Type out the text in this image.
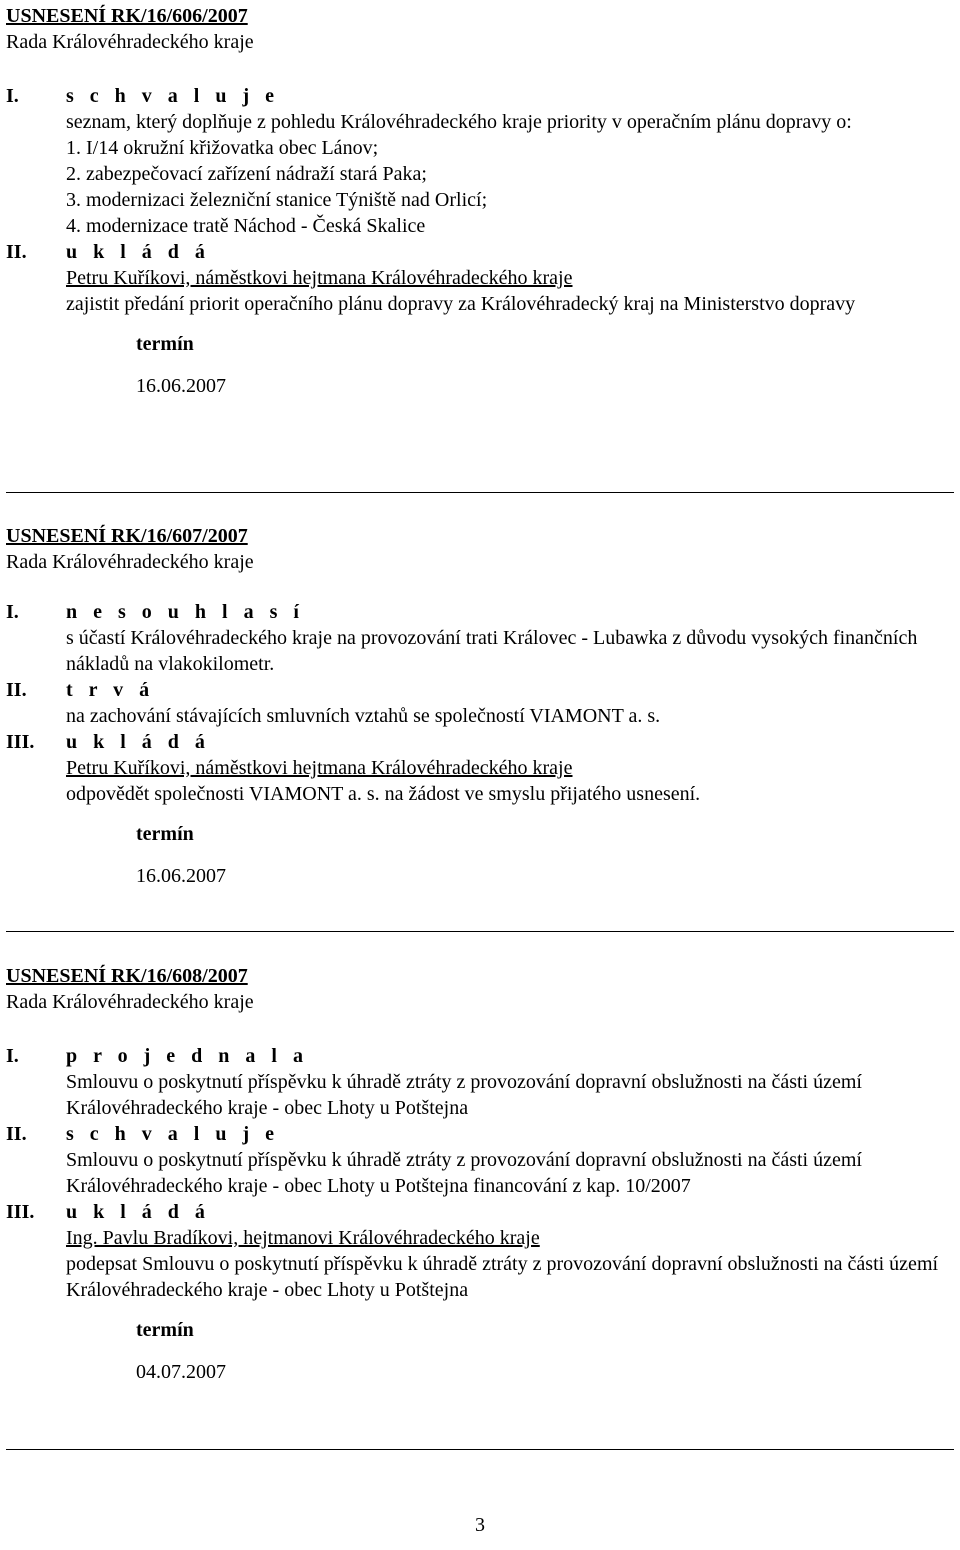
USNESENÍ RK/16/606/2007
Rada Královéhradeckého kraje
I. s c h v a l u j e
seznam, který doplňuje z pohledu Královéhradeckého kraje priority v operačním plánu dopravy o:
1. I/14 okružní křižovatka obec Lánov;
2. zabezpečovací zařízení nádraží stará Paka;
3. modernizaci železniční stanice Týniště nad Orlicí;
4. modernizace tratě Náchod - Česká Skalice
II. u k l á d á
Petru Kuříkovi, náměstkovi hejtmana Královéhradeckého kraje
zajistit předání priorit operačního plánu dopravy za Královéhradecký kraj na Ministerstvo dopravy
termín
16.06.2007
USNESENÍ RK/16/607/2007
Rada Královéhradeckého kraje
I. n e s o u h l a s í
s účastí Královéhradeckého kraje na provozování trati Královec - Lubawka z důvodu vysokých finančních nákladů na vlakokilometr.
II. t r v á
na zachování stávajících smluvních vztahů se společností VIAMONT a. s.
III. u k l á d á
Petru Kuříkovi, náměstkovi hejtmana Královéhradeckého kraje
odpovědět společnosti VIAMONT a. s. na žádost ve smyslu přijatého usnesení.
termín
16.06.2007
USNESENÍ RK/16/608/2007
Rada Královéhradeckého kraje
I. p r o j e d n a l a
Smlouvu o poskytnutí příspěvku k úhradě ztráty z provozování dopravní obslužnosti na části území Královéhradeckého kraje - obec Lhoty u Potštejna
II. s c h v a l u j e
Smlouvu o poskytnutí příspěvku k úhradě ztráty z provozování dopravní obslužnosti na části území Královéhradeckého kraje - obec Lhoty u Potštejna financování z kap. 10/2007
III. u k l á d á
Ing. Pavlu Bradíkovi, hejtmanovi Královéhradeckého kraje
podepsat Smlouvu o poskytnutí příspěvku k úhradě ztráty z provozování dopravní obslužnosti na části území Královéhradeckého kraje - obec Lhoty u Potštejna
termín
04.07.2007
3
